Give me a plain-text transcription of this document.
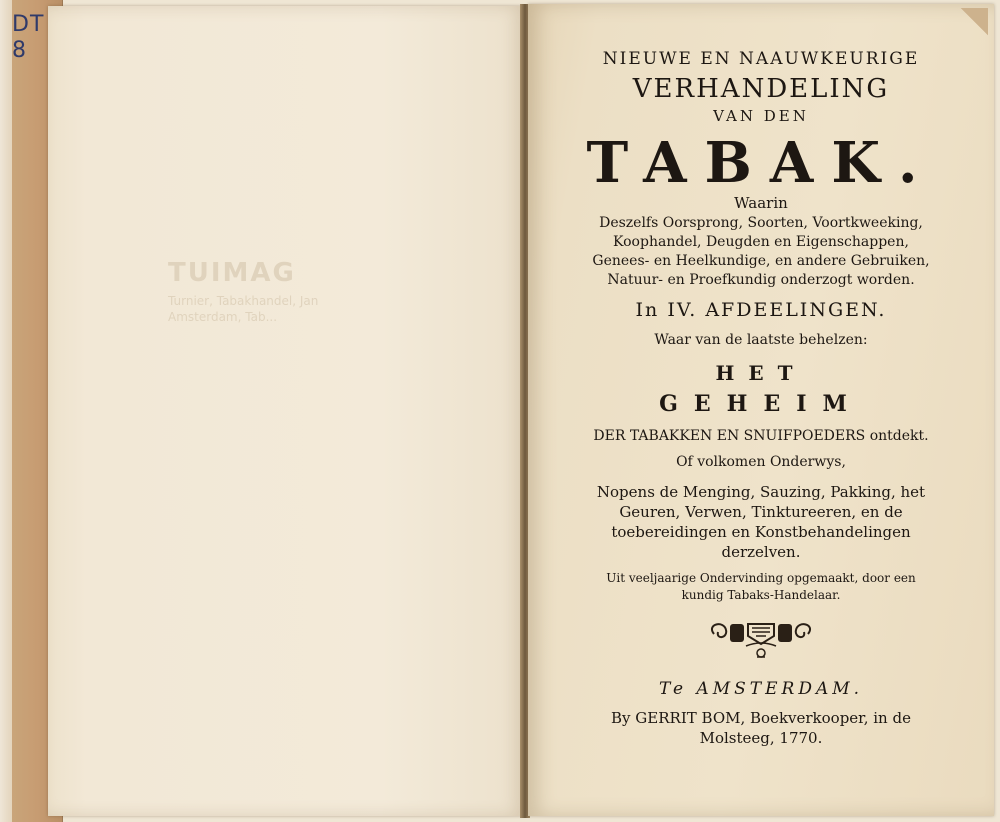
DT
8
TUIMAG
Turnier, Tabakhandel, Jan
Amsterdam, Tab...
NIEUWE EN NAAUWKEURIGE
VERHANDELING
VAN DEN
TABAK.
Waarin
Deszelfs Oorsprong, Soorten, Voortkweeking, Koophandel, Deugden en Eigenschappen, Genees- en Heelkundige, en andere Gebruiken, Natuur- en Proefkundig onderzogt worden.
In IV. AFDEELINGEN.
Waar van de laatste behelzen:
HET
GEHEIM
DER TABAKKEN EN SNUIFPOEDERS ontdekt.
Of volkomen Onderwys,
Nopens de Menging, Sauzing, Pakking, het Geuren, Verwen, Tinktureeren, en de toebereidingen en Konstbehandelingen derzelven.
Uit veeljaarige Ondervinding opgemaakt, door een kundig Tabaks-Handelaar.
Te AMSTERDAM.
By GERRIT BOM, Boekverkooper, in de Molsteeg, 1770.
